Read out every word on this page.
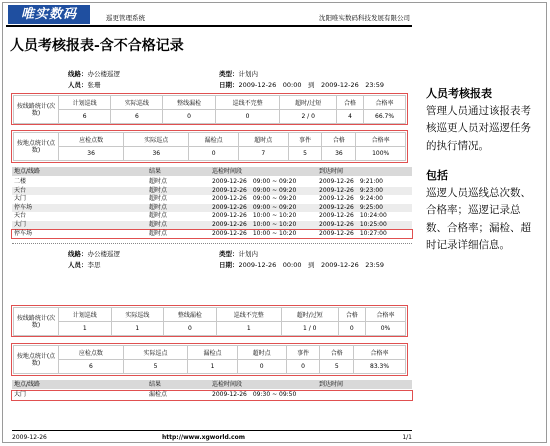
唯实数码	巡更管理系统	沈阳唯实数码科技发展有限公司
人员考核报表-含不合格记录
线路：办公楼巡逻	类型：计划内
人员：张珊	日期：2009-12-26　00:00　 到　 2009-12-26　23:59
按线路统计(次数)	计划巡线	实际巡线	整线漏检	巡线不完整	超时/过短	合格	合格率
	6	6	0	0	2 / 0	4	66.7%
按地点统计(点数)	应检点数	实际巡点	漏检点	超时点	事件	合格	合格率
	36	36	0	7	5	36	100%
地点/线路	结果	巡检时间段	到达时间
二楼	超时点	2009-12-26　09:00 ~ 09:20	2009-12-26　9:21:00
天台	超时点	2009-12-26　09:00 ~ 09:20	2009-12-26　9:23:00
大门	超时点	2009-12-26　09:00 ~ 09:20	2009-12-26　9:24:00
停车场	超时点	2009-12-26　09:00 ~ 09:20	2009-12-26　9:25:00
天台	超时点	2009-12-26　10:00 ~ 10:20	2009-12-26　10:24:00
大门	超时点	2009-12-26　10:00 ~ 10:20	2009-12-26　10:25:00
停车场	超时点	2009-12-26　10:00 ~ 10:20	2009-12-26　10:27:00
线路：办公楼巡逻	类型：计划内
人员：李思	日期：2009-12-26　00:00　 到　 2009-12-26　23:59
按线路统计(次数)	计划巡线	实际巡线	整线漏检	巡线不完整	超时/过短	合格	合格率
	1	1	0	1	1 / 0	0	0%
按地点统计(点数)	应检点数	实际巡点	漏检点	超时点	事件	合格	合格率
	6	5	1	0	0	5	83.3%
地点/线路	结果	巡检时间段	到达时间
大门	漏检点	2009-12-26　09:30 ~ 09:50
2009-12-26	http://www.xgworld.com	1/1
人员考核报表
管理人员通过该报表考核巡更人员对巡逻任务的执行情况。
包括
巡逻人员巡线总次数、合格率；巡逻记录总数、合格率；漏检、超时记录详细信息。
